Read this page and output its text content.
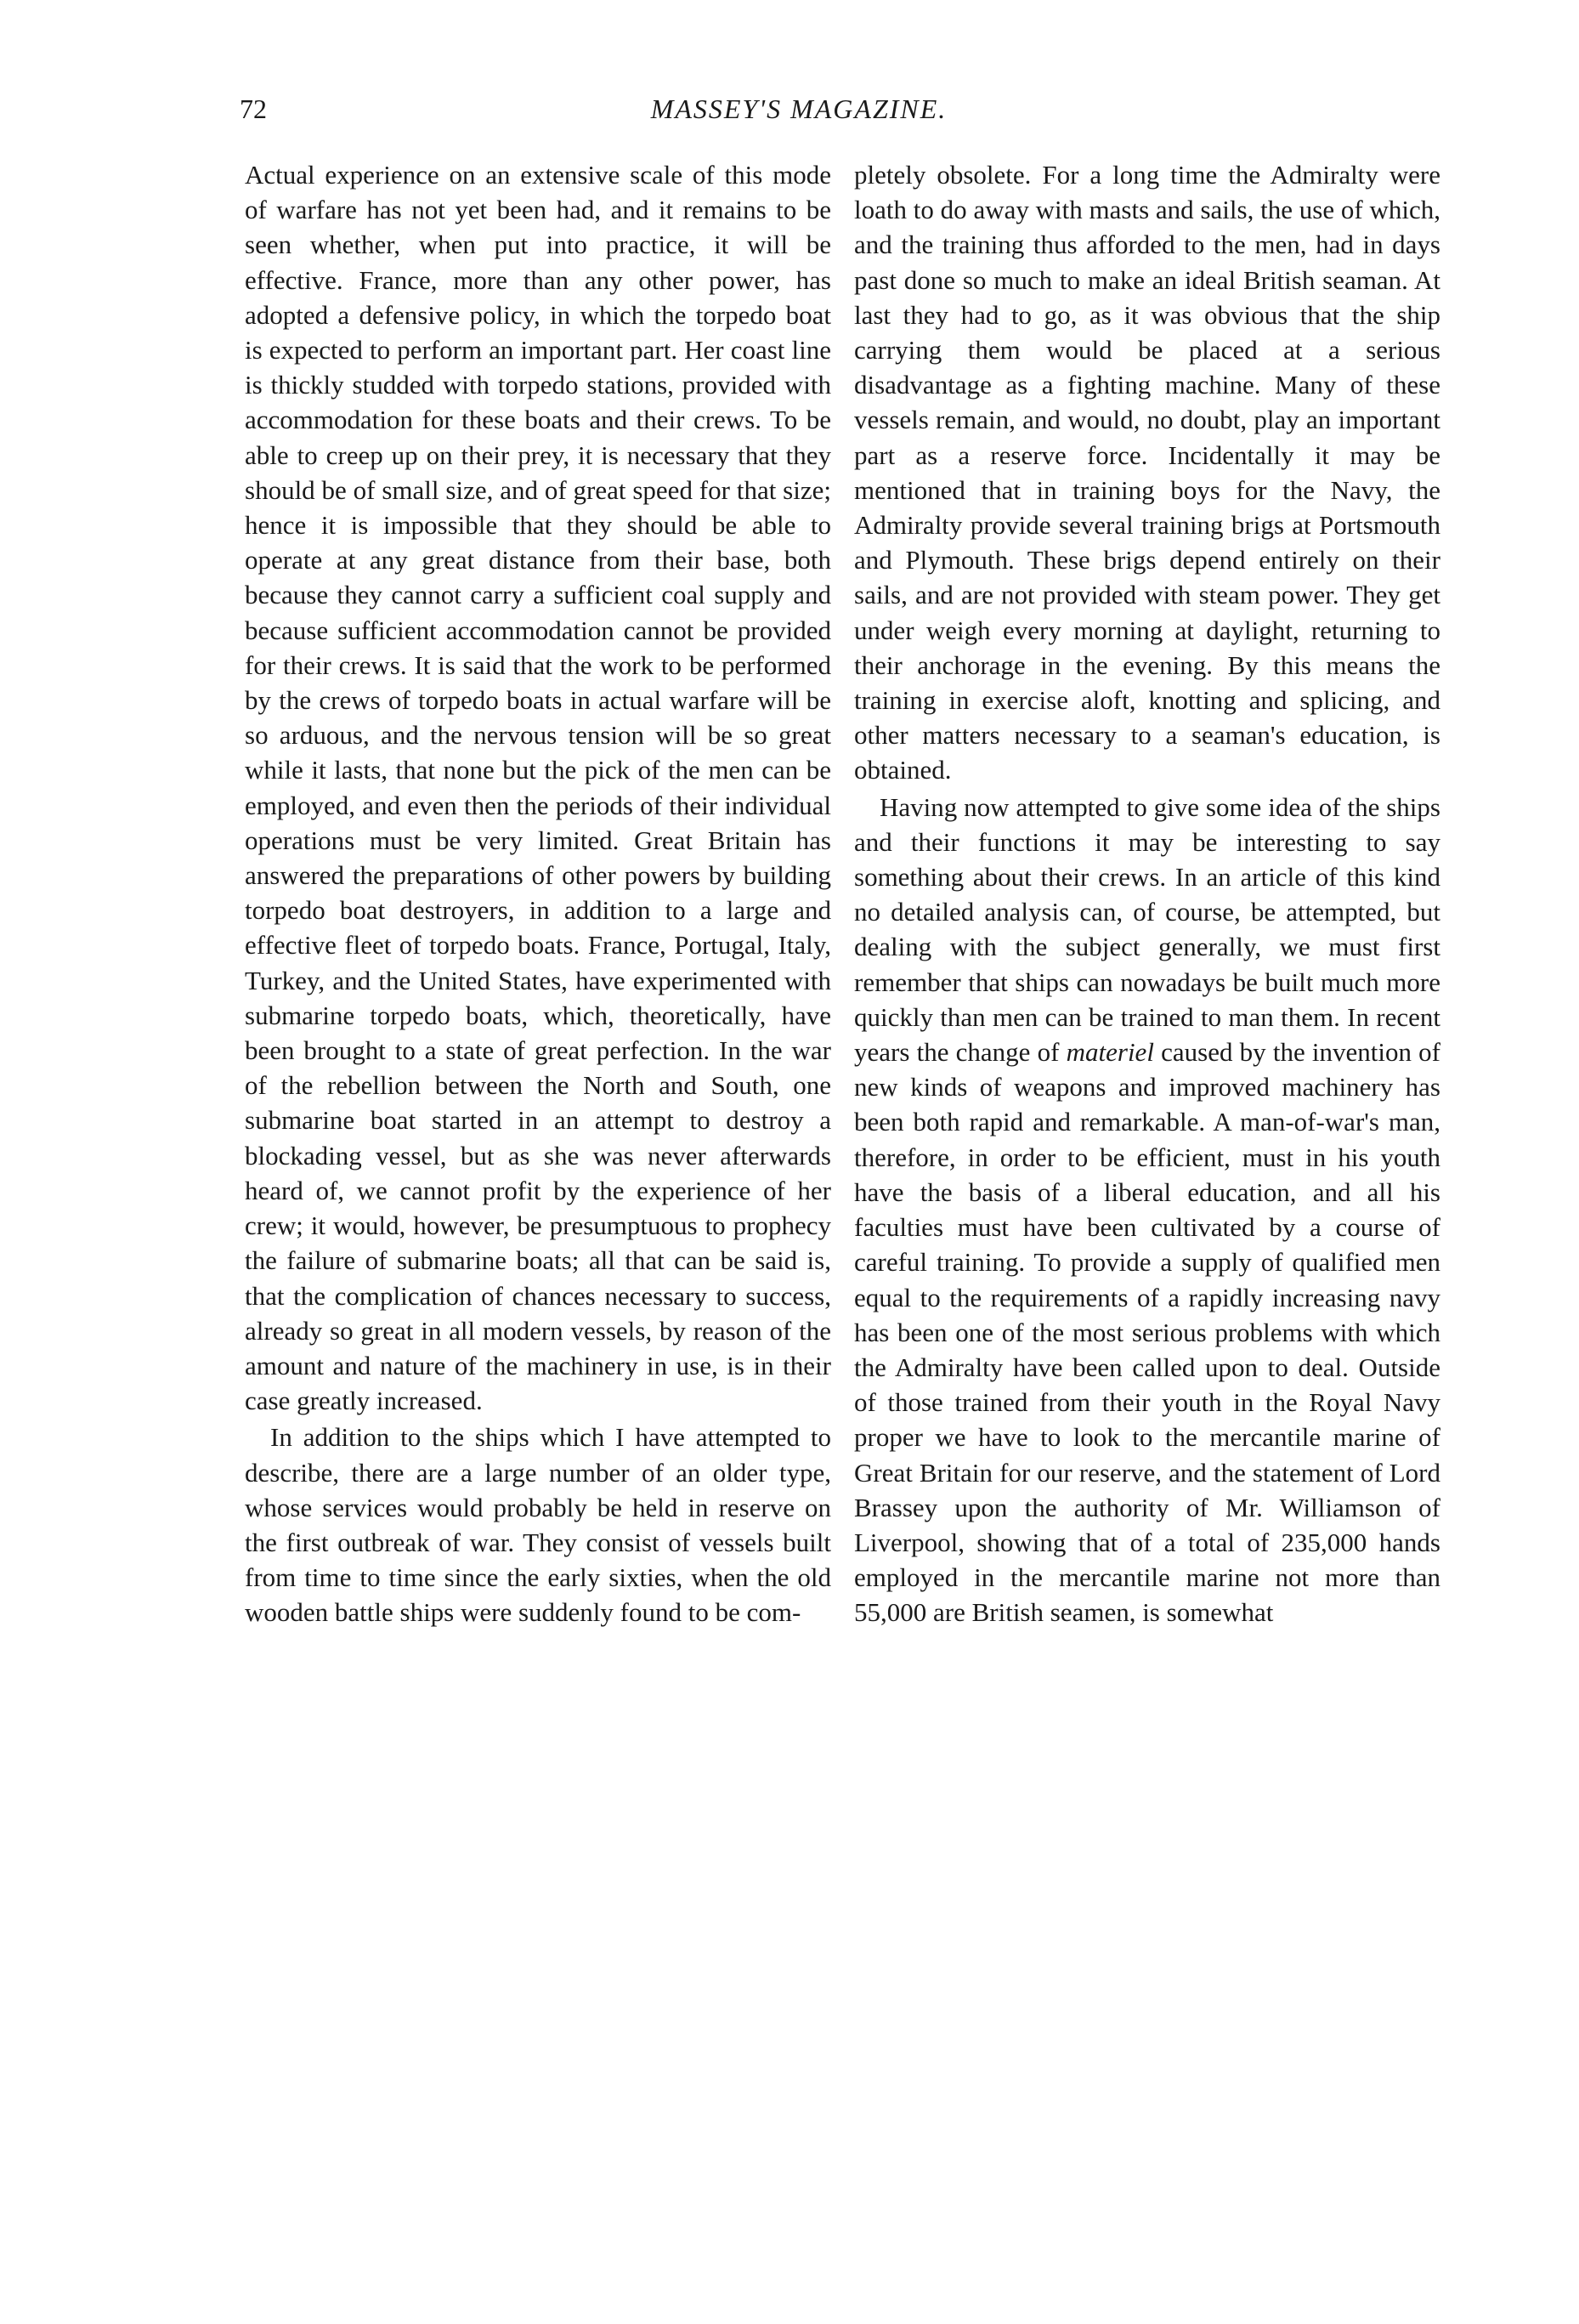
72	MASSEY'S MAGAZINE.

Actual experience on an extensive scale of this mode of warfare has not yet been had, and it remains to be seen whether, when put into practice, it will be effective. France, more than any other power, has adopted a defensive policy, in which the torpedo boat is expected to perform an important part. Her coast line is thickly studded with torpedo stations, provided with accommodation for these boats and their crews. To be able to creep up on their prey, it is necessary that they should be of small size, and of great speed for that size; hence it is impossible that they should be able to operate at any great distance from their base, both because they cannot carry a sufficient coal supply and because sufficient accommodation cannot be provided for their crews. It is said that the work to be performed by the crews of torpedo boats in actual warfare will be so arduous, and the nervous tension will be so great while it lasts, that none but the pick of the men can be employed, and even then the periods of their individual operations must be very limited. Great Britain has answered the preparations of other powers by building torpedo boat destroyers, in addition to a large and effective fleet of torpedo boats. France, Portugal, Italy, Turkey, and the United States, have experimented with submarine torpedo boats, which, theoretically, have been brought to a state of great perfection. In the war of the rebellion between the North and South, one submarine boat started in an attempt to destroy a blockading vessel, but as she was never afterwards heard of, we cannot profit by the experience of her crew; it would, however, be presumptuous to prophecy the failure of submarine boats; all that can be said is, that the complication of chances necessary to success, already so great in all modern vessels, by reason of the amount and nature of the machinery in use, is in their case greatly increased.

In addition to the ships which I have attempted to describe, there are a large number of an older type, whose services would probably be held in reserve on the first outbreak of war. They consist of vessels built from time to time since the early sixties, when the old wooden battle ships were suddenly found to be com-

pletely obsolete. For a long time the Admiralty were loath to do away with masts and sails, the use of which, and the training thus afforded to the men, had in days past done so much to make an ideal British seaman. At last they had to go, as it was obvious that the ship carrying them would be placed at a serious disadvantage as a fighting machine. Many of these vessels remain, and would, no doubt, play an important part as a reserve force. Incidentally it may be mentioned that in training boys for the Navy, the Admiralty provide several training brigs at Portsmouth and Plymouth. These brigs depend entirely on their sails, and are not provided with steam power. They get under weigh every morning at daylight, returning to their anchorage in the evening. By this means the training in exercise aloft, knotting and splicing, and other matters necessary to a seaman's education, is obtained.

Having now attempted to give some idea of the ships and their functions it may be interesting to say something about their crews. In an article of this kind no detailed analysis can, of course, be attempted, but dealing with the subject generally, we must first remember that ships can nowadays be built much more quickly than men can be trained to man them. In recent years the change of materiel caused by the invention of new kinds of weapons and improved machinery has been both rapid and remarkable. A man-of-war's man, therefore, in order to be efficient, must in his youth have the basis of a liberal education, and all his faculties must have been cultivated by a course of careful training. To provide a supply of qualified men equal to the requirements of a rapidly increasing navy has been one of the most serious problems with which the Admiralty have been called upon to deal. Outside of those trained from their youth in the Royal Navy proper we have to look to the mercantile marine of Great Britain for our reserve, and the statement of Lord Brassey upon the authority of Mr. Williamson of Liverpool, showing that of a total of 235,000 hands employed in the mercantile marine not more than 55,000 are British seamen, is somewhat
